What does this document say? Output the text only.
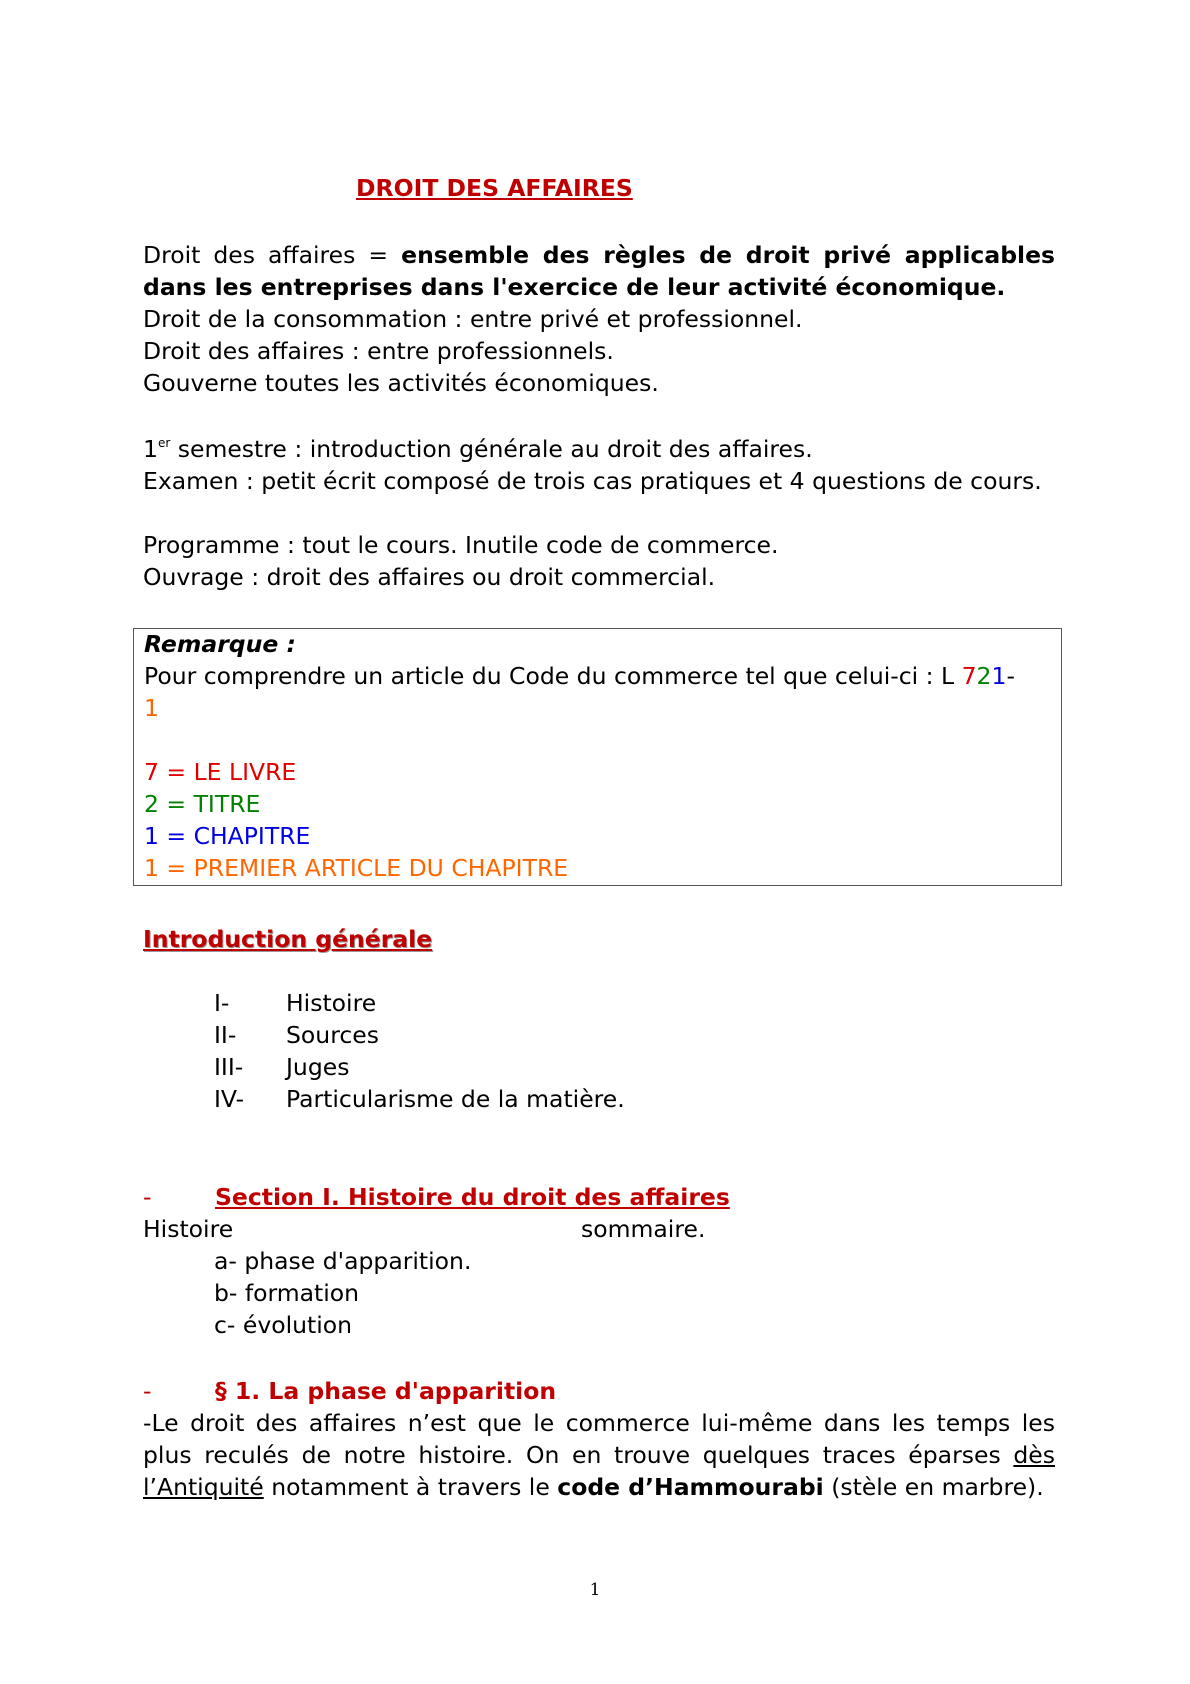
DROIT DES AFFAIRES

Droit des affaires = ensemble des règles de droit privé applicables dans les entreprises dans l'exercice de leur activité économique.

Droit de la consommation : entre privé et professionnel.

Droit des affaires : entre professionnels.

Gouverne toutes les activités économiques.

1er semestre : introduction générale au droit des affaires.

Examen : petit écrit composé de trois cas pratiques et 4 questions de cours.

Programme : tout le cours. Inutile code de commerce.

Ouvrage : droit des affaires ou droit commercial.

Remarque :

Pour comprendre un article du Code du commerce tel que celui-ci : L 721-
1

7 = LE LIVRE

2 = TITRE

1 = CHAPITRE

1 = PREMIER ARTICLE DU CHAPITRE

Introduction générale
I- Histoire
II- Sources
III- Juges
IV- Particularisme de la matière.
-	Section I. Histoire du droit des affaires

Histoire	sommaire.

a- phase d'apparition.

b- formation

c- évolution

-	§ 1. La phase d'apparition

-Le droit des affaires n’est que le commerce lui-même dans les temps les plus reculés de notre histoire. On en trouve quelques traces éparses dès l’Antiquité notamment à travers le code d’Hammourabi (stèle en marbre).

1
